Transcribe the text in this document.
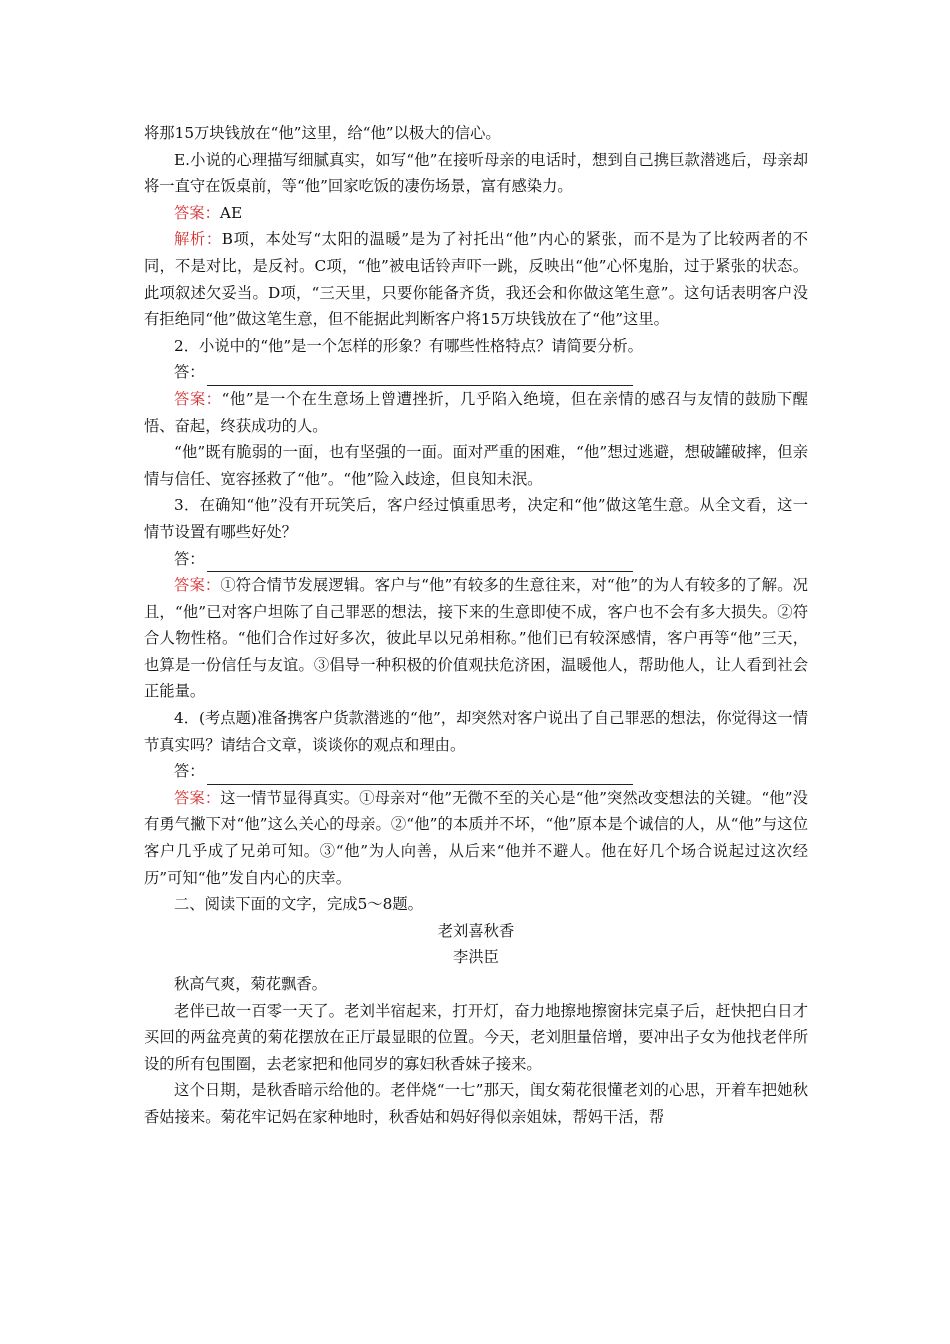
将那15万块钱放在“他”这里，给“他”以极大的信心。

E.小说的心理描写细腻真实，如写“他”在接听母亲的电话时，想到自己携巨款潜逃后，母亲却将一直守在饭桌前，等“他”回家吃饭的凄伤场景，富有感染力。

答案：AE

解析：B项，本处写“太阳的温暖”是为了衬托出“他”内心的紧张，而不是为了比较两者的不同，不是对比，是反衬。C项，“他”被电话铃声吓一跳，反映出“他”心怀鬼胎，过于紧张的状态。此项叙述欠妥当。D项，“三天里，只要你能备齐货，我还会和你做这笔生意”。这句话表明客户没有拒绝同“他”做这笔生意，但不能据此判断客户将15万块钱放在了“他”这里。

2．小说中的“他”是一个怎样的形象？有哪些性格特点？请简要分析。

答：

答案：“他”是一个在生意场上曾遭挫折，几乎陷入绝境，但在亲情的感召与友情的鼓励下醒悟、奋起，终获成功的人。

“他”既有脆弱的一面，也有坚强的一面。面对严重的困难，“他”想过逃避，想破罐破摔，但亲情与信任、宽容拯救了“他”。“他”险入歧途，但良知未泯。

3．在确知“他”没有开玩笑后，客户经过慎重思考，决定和“他”做这笔生意。从全文看，这一情节设置有哪些好处？

答：

答案：①符合情节发展逻辑。客户与“他”有较多的生意往来，对“他”的为人有较多的了解。况且，“他”已对客户坦陈了自己罪恶的想法，接下来的生意即使不成，客户也不会有多大损失。②符合人物性格。“他们合作过好多次，彼此早以兄弟相称。”他们已有较深感情，客户再等“他”三天，也算是一份信任与友谊。③倡导一种积极的价值观扶危济困，温暖他人，帮助他人，让人看到社会正能量。

4．(考点题)准备携客户货款潜逃的“他”，却突然对客户说出了自己罪恶的想法，你觉得这一情节真实吗？请结合文章，谈谈你的观点和理由。

答：

答案：这一情节显得真实。①母亲对“他”无微不至的关心是“他”突然改变想法的关键。“他”没有勇气撇下对“他”这么关心的母亲。②“他”的本质并不坏，“他”原本是个诚信的人，从“他”与这位客户几乎成了兄弟可知。③“他”为人向善，从后来“他并不避人。他在好几个场合说起过这次经历”可知“他”发自内心的庆幸。

二、阅读下面的文字，完成5～8题。

老刘喜秋香
李洪臣

秋高气爽，菊花飘香。

老伴已故一百零一天了。老刘半宿起来，打开灯，奋力地擦地擦窗抹完桌子后，赶快把白日才买回的两盆亮黄的菊花摆放在正厅最显眼的位置。今天，老刘胆量倍增，要冲出子女为他找老伴所设的所有包围圈，去老家把和他同岁的寡妇秋香妹子接来。

这个日期，是秋香暗示给他的。老伴烧“一七”那天，闺女菊花很懂老刘的心思，开着车把她秋香姑接来。菊花牢记妈在家种地时，秋香姑和妈好得似亲姐妹，帮妈干活，帮
